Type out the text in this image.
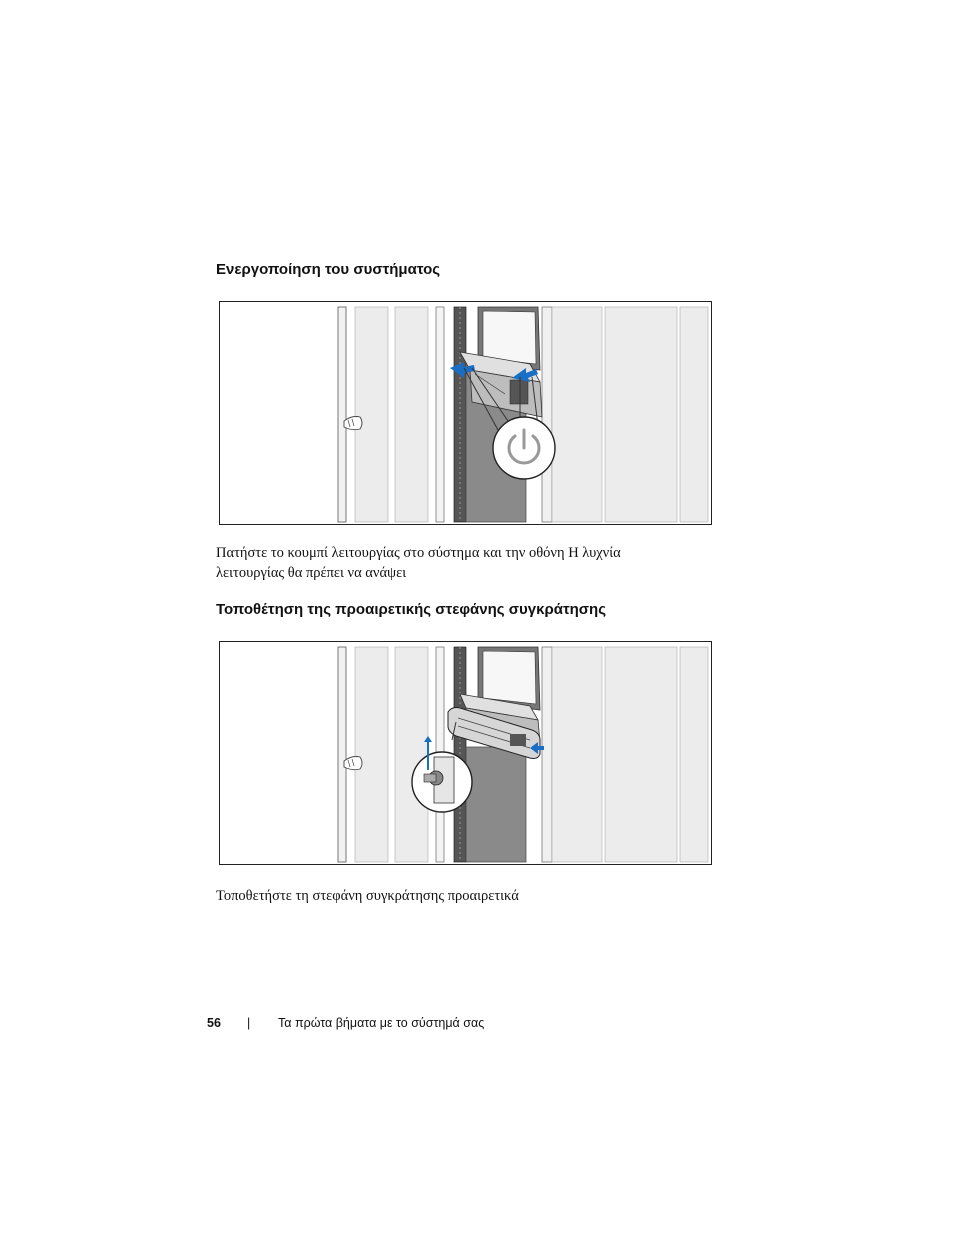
Ενεργοποίηση του συστήματος

Πατήστε το κουμπί λειτουργίας στο σύστημα και την οθόνη Η λυχνία
λειτουργίας θα πρέπει να ανάψει

Τοποθέτηση της προαιρετικής στεφάνης συγκράτησης

Τοποθετήστε τη στεφάνη συγκράτησης προαιρετικά

56 | Τα πρώτα βήματα με το σύστημά σας
